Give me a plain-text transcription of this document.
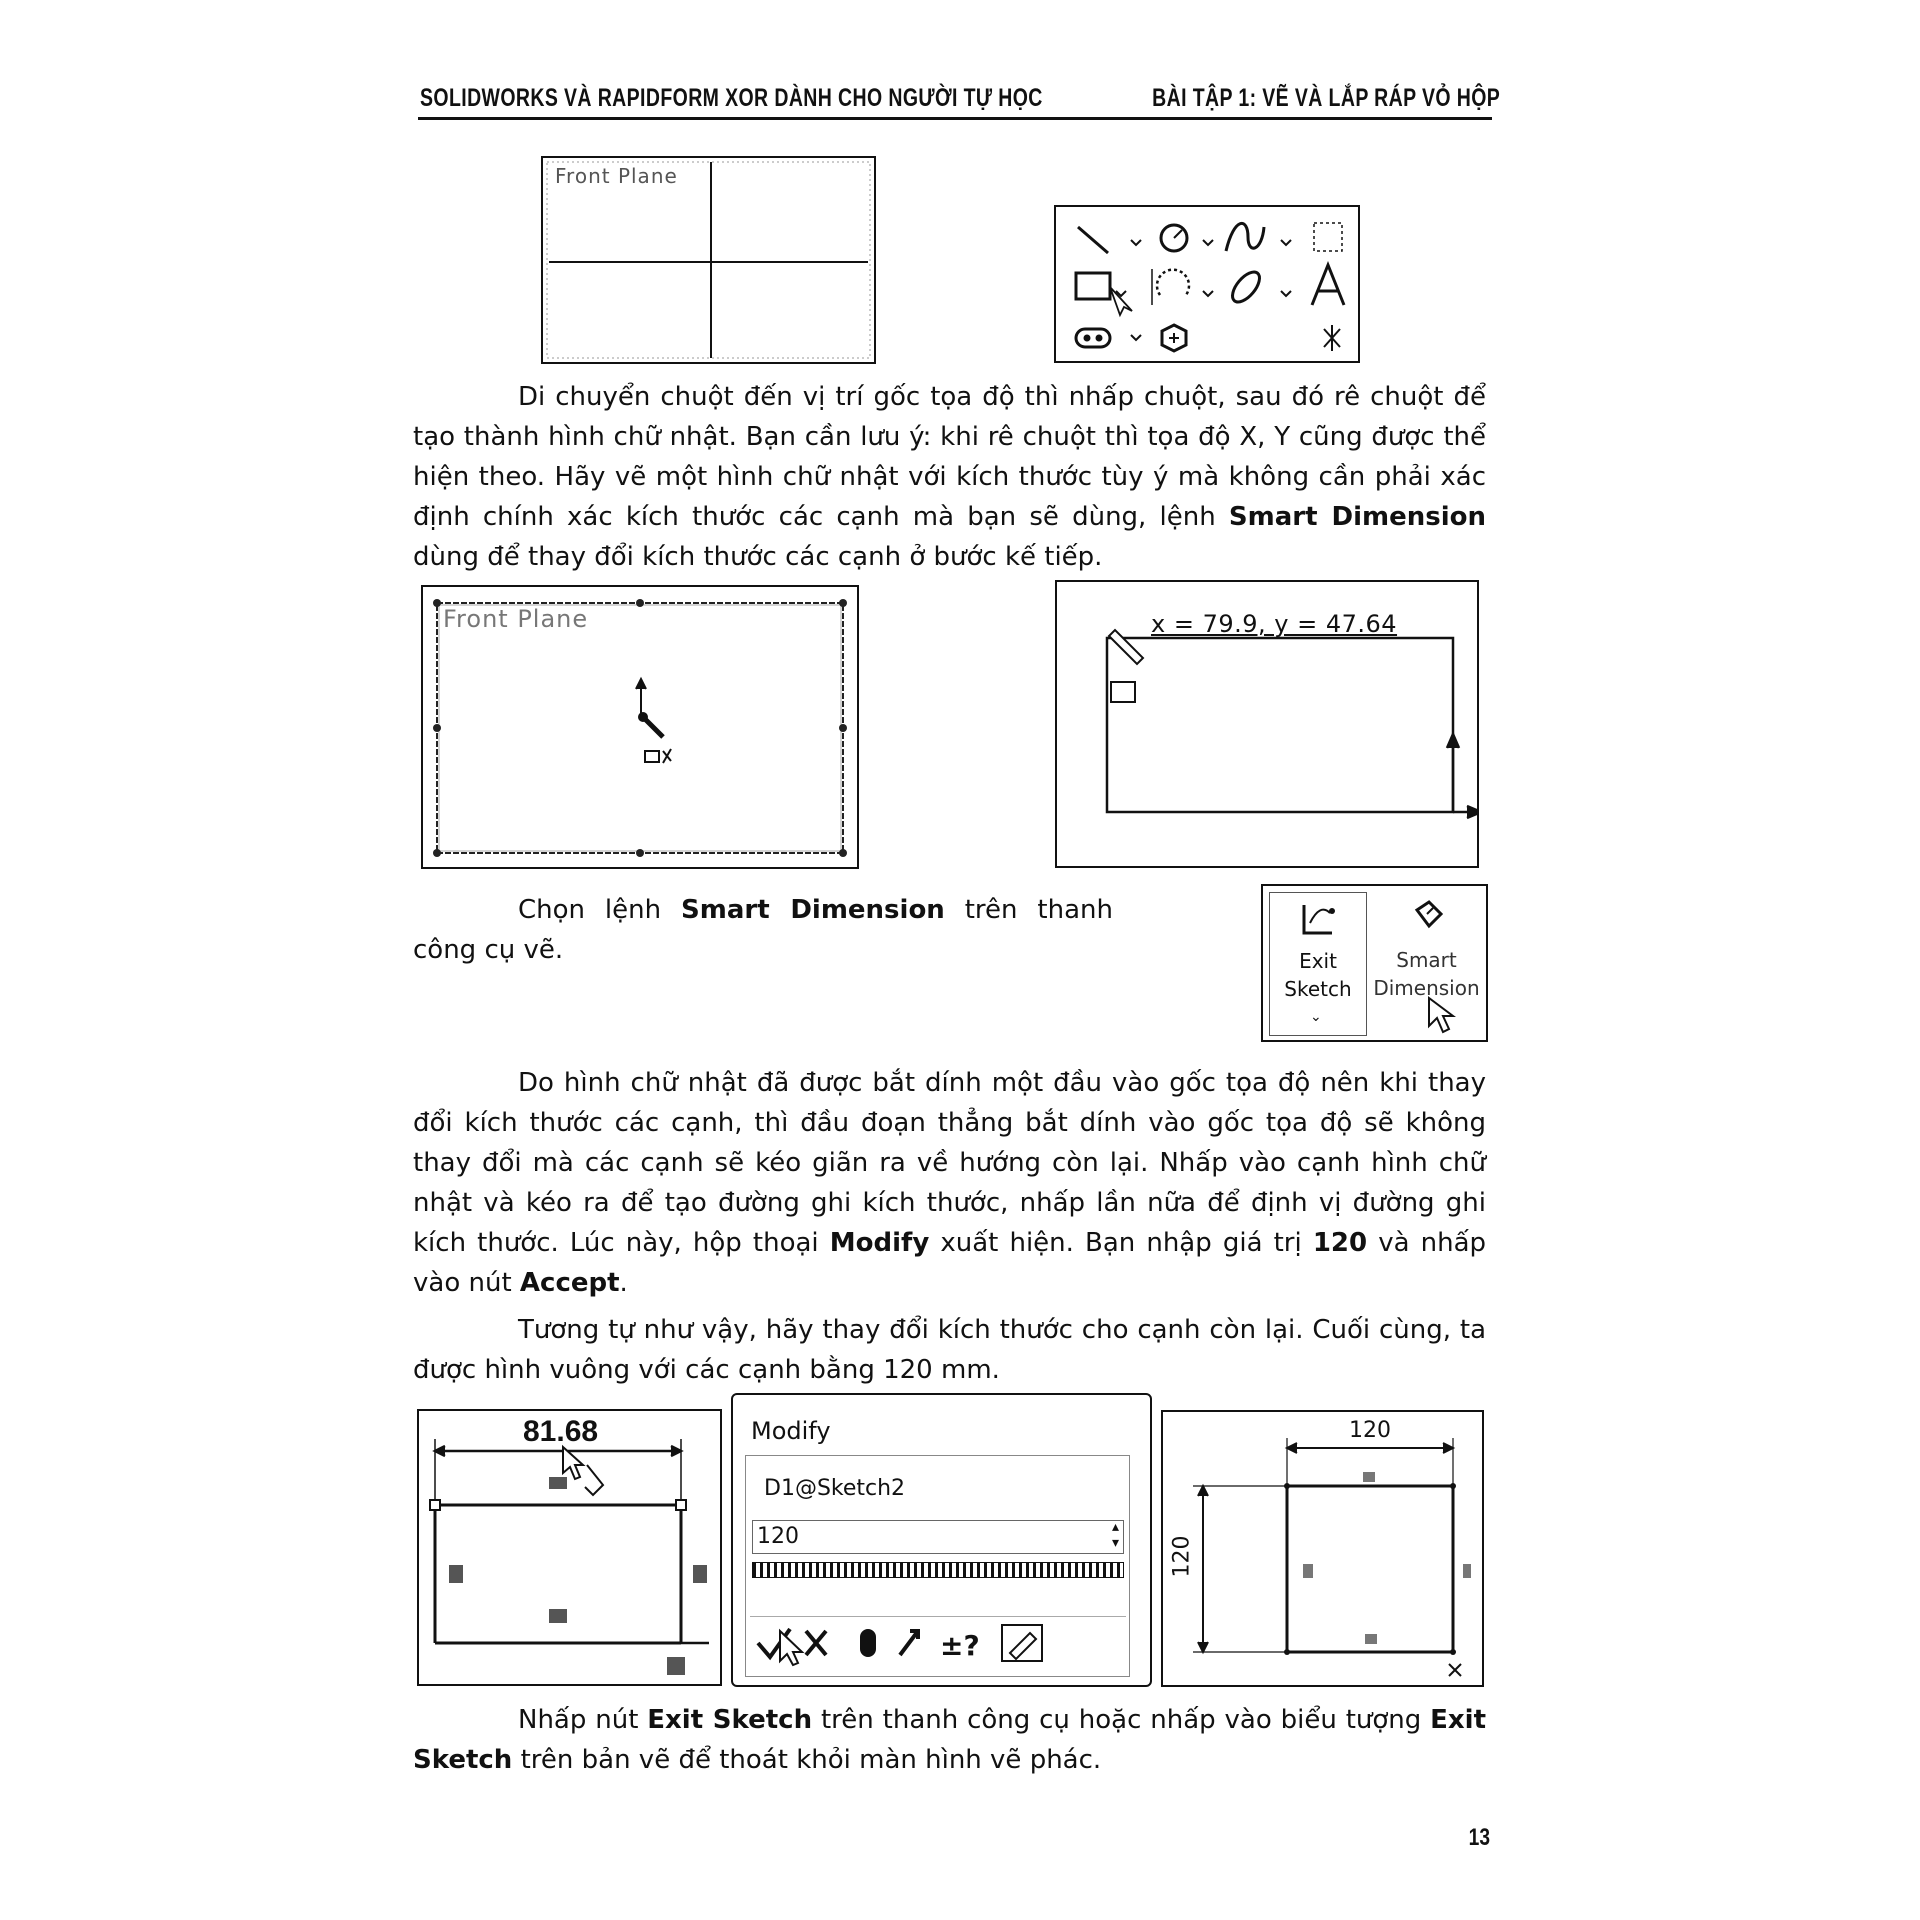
SOLIDWORKS VÀ RAPIDFORM XOR DÀNH CHO NGƯỜI TỰ HỌC	BÀI TẬP 1: VẼ VÀ LẮP RÁP VỎ HỘP
Front Plane

Di chuyển chuột đến vị trí gốc tọa độ thì nhấp chuột, sau đó rê chuột để tạo thành hình chữ nhật. Bạn cần lưu ý: khi rê chuột thì tọa độ X, Y cũng được thể hiện theo. Hãy vẽ một hình chữ nhật với kích thước tùy ý mà không cần phải xác định chính xác kích thước các cạnh mà bạn sẽ dùng, lệnh Smart Dimension dùng để thay đổi kích thước các cạnh ở bước kế tiếp.

Front Plane	x = 79.9, y = 47.64

Chọn lệnh Smart Dimension trên thanh công cụ vẽ.	Exit
Sketch
⌄
Smart
Dimension

Do hình chữ nhật đã được bắt dính một đầu vào gốc tọa độ nên khi thay đổi kích thước các cạnh, thì đầu đoạn thẳng bắt dính vào gốc tọa độ sẽ không thay đổi mà các cạnh sẽ kéo giãn ra về hướng còn lại. Nhấp vào cạnh hình chữ nhật và kéo ra để tạo đường ghi kích thước, nhấp lần nữa để định vị đường ghi kích thước. Lúc này, hộp thoại Modify xuất hiện. Bạn nhập giá trị 120 và nhấp vào nút Accept.

Tương tự như vậy, hãy thay đổi kích thước cho cạnh còn lại. Cuối cùng, ta được hình vuông với các cạnh bằng 120 mm.

81.68	Modify
D1@Sketch2
120	▴
▾
±?
120
120

Nhấp nút Exit Sketch trên thanh công cụ hoặc nhấp vào biểu tượng Exit Sketch trên bản vẽ để thoát khỏi màn hình vẽ phác.

13
